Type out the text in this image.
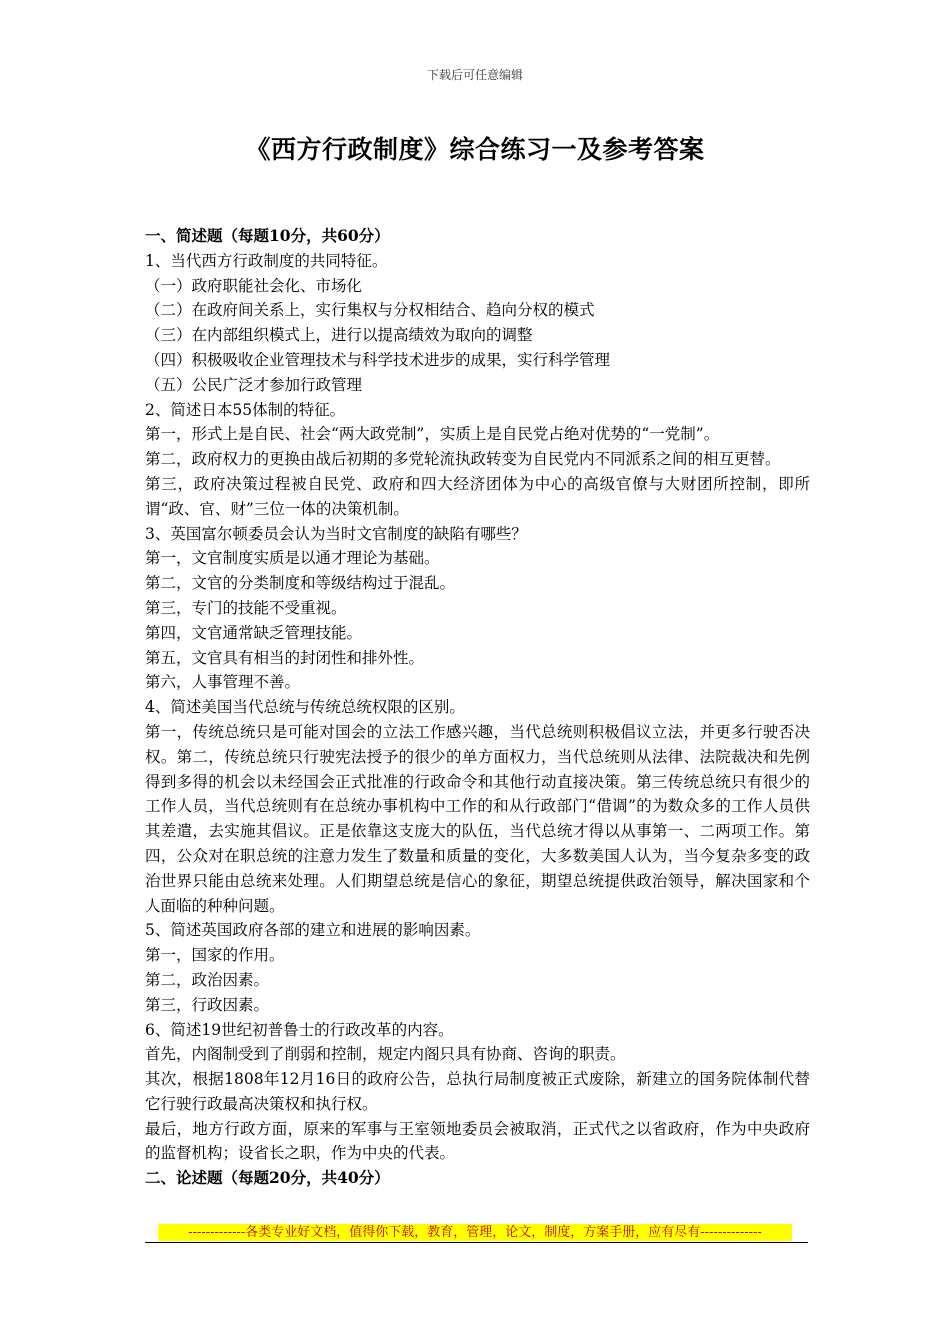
下载后可任意编辑
《西方行政制度》综合练习一及参考答案

一、简述题（每题10分，共60分）

1、当代西方行政制度的共同特征。

（一）政府职能社会化、市场化

（二）在政府间关系上，实行集权与分权相结合、趋向分权的模式

（三）在内部组织模式上，进行以提高绩效为取向的调整

（四）积极吸收企业管理技术与科学技术进步的成果，实行科学管理

（五）公民广泛才参加行政管理

2、简述日本55体制的特征。

第一，形式上是自民、社会“两大政党制”，实质上是自民党占绝对优势的“一党制”。

第二，政府权力的更换由战后初期的多党轮流执政转变为自民党内不同派系之间的相互更替。

第三，政府决策过程被自民党、政府和四大经济团体为中心的高级官僚与大财团所控制，即所谓“政、官、财”三位一体的决策机制。

3、英国富尔顿委员会认为当时文官制度的缺陷有哪些？

第一，文官制度实质是以通才理论为基础。

第二，文官的分类制度和等级结构过于混乱。

第三，专门的技能不受重视。

第四，文官通常缺乏管理技能。

第五，文官具有相当的封闭性和排外性。

第六，人事管理不善。

4、简述美国当代总统与传统总统权限的区别。

第一，传统总统只是可能对国会的立法工作感兴趣，当代总统则积极倡议立法，并更多行驶否决权。第二，传统总统只行驶宪法授予的很少的单方面权力，当代总统则从法律、法院裁决和先例得到多得的机会以未经国会正式批准的行政命令和其他行动直接决策。第三传统总统只有很少的工作人员，当代总统则有在总统办事机构中工作的和从行政部门“借调”的为数众多的工作人员供其差遣，去实施其倡议。正是依靠这支庞大的队伍，当代总统才得以从事第一、二两项工作。第四，公众对在职总统的注意力发生了数量和质量的变化，大多数美国人认为，当今复杂多变的政治世界只能由总统来处理。人们期望总统是信心的象征，期望总统提供政治领导，解决国家和个人面临的种种问题。

5、简述英国政府各部的建立和进展的影响因素。

第一，国家的作用。

第二，政治因素。

第三，行政因素。

6、简述19世纪初普鲁士的行政改革的内容。

首先，内阁制受到了削弱和控制，规定内阁只具有协商、咨询的职责。

其次，根据1808年12月16日的政府公告，总执行局制度被正式废除，新建立的国务院体制代替它行驶行政最高决策权和执行权。

最后，地方行政方面，原来的军事与王室领地委员会被取消，正式代之以省政府，作为中央政府的监督机构；设省长之职，作为中央的代表。

二、论述题（每题20分，共40分）

-------------各类专业好文档，值得你下载，教育，管理，论文，制度，方案手册，应有尽有--------------
